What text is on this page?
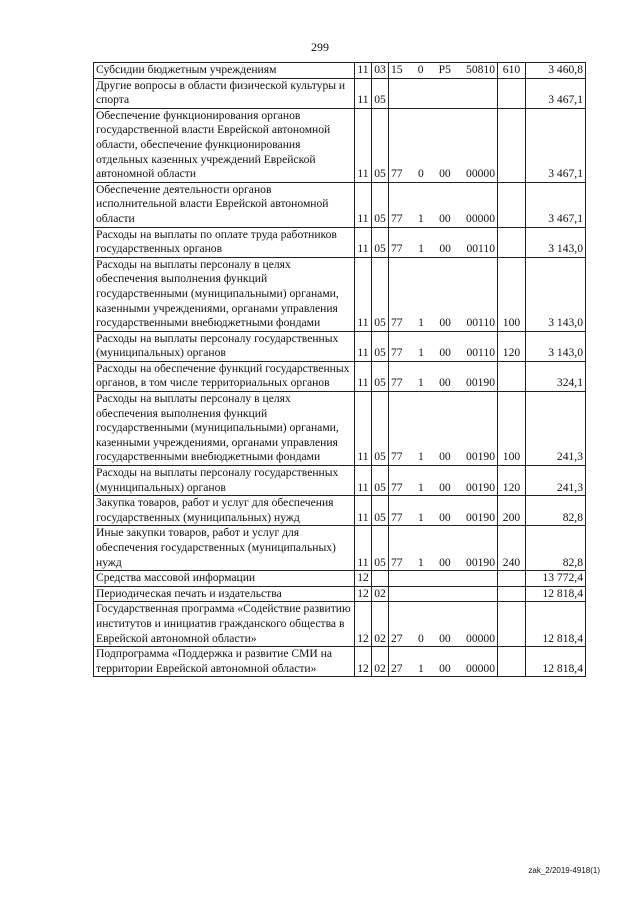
299
Субсидии бюджетным учреждениям	11	03	15 0 P5 50810	610	3 460,8
Другие вопросы в области физической культуры и спорта	11	05			3 467,1
Обеспечение функционирования органов государственной власти Еврейской автономной области, обеспечение функционирования отдельных казенных учреждений Еврейской автономной области	11	05	77 0 00 00000		3 467,1
Обеспечение деятельности органов исполнительной власти Еврейской автономной области	11	05	77 1 00 00000		3 467,1
Расходы на выплаты по оплате труда работников государственных органов	11	05	77 1 00 00110		3 143,0
Расходы на выплаты персоналу в целях обеспечения выполнения функций государственными (муниципальными) органами, казенными учреждениями, органами управления государственными внебюджетными фондами	11	05	77 1 00 00110	100	3 143,0
Расходы на выплаты персоналу государственных (муниципальных) органов	11	05	77 1 00 00110	120	3 143,0
Расходы на обеспечение функций государственных органов, в том числе территориальных органов	11	05	77 1 00 00190		324,1
Расходы на выплаты персоналу в целях обеспечения выполнения функций государственными (муниципальными) органами, казенными учреждениями, органами управления государственными внебюджетными фондами	11	05	77 1 00 00190	100	241,3
Расходы на выплаты персоналу государственных (муниципальных) органов	11	05	77 1 00 00190	120	241,3
Закупка товаров, работ и услуг для обеспечения государственных (муниципальных) нужд	11	05	77 1 00 00190	200	82,8
Иные закупки товаров, работ и услуг для обеспечения государственных (муниципальных) нужд	11	05	77 1 00 00190	240	82,8
Средства массовой информации	12				13 772,4
Периодическая печать и издательства	12	02			12 818,4
Государственная программа «Содействие развитию институтов и инициатив гражданского общества в Еврейской автономной области»	12	02	27 0 00 00000		12 818,4
Подпрограмма «Поддержка и развитие СМИ на территории Еврейской автономной области»	12	02	27 1 00 00000		12 818,4
zak_2/2019-4918(1)
